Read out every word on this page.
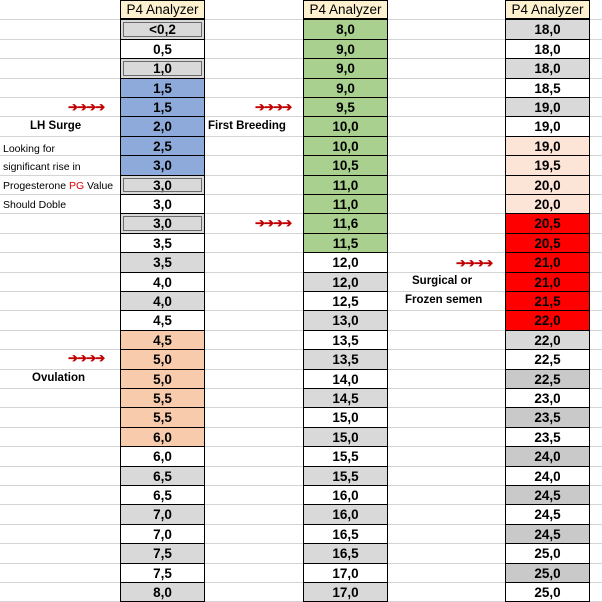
P4 Analyzer
<0,2
0,5
1,0
1,5
1,5
2,0
2,5
3,0
3,0
3,0
3,0
3,5
3,5
4,0
4,0
4,5
4,5
5,0
5,0
5,5
5,5
6,0
6,0
6,5
6,5
7,0
7,0
7,5
7,5
8,0
P4 Analyzer
8,0
9,0
9,0
9,0
9,5
10,0
10,0
10,5
11,0
11,0
11,6
11,5
12,0
12,0
12,5
13,0
13,5
13,5
14,0
14,5
15,0
15,0
15,5
15,5
16,0
16,0
16,5
16,5
17,0
17,0
P4 Analyzer
18,0
18,0
18,0
18,5
19,0
19,0
19,0
19,5
20,0
20,0
20,5
20,5
21,0
21,0
21,5
22,0
22,0
22,5
22,5
23,0
23,5
23,5
24,0
24,0
24,5
24,5
24,5
25,0
25,0
25,0
➔➔➔➔
LH Surge
Looking for
significant rise in
Progesterone PG Value
Should Doble
➔➔➔➔
Ovulation
➔➔➔➔
First Breeding
➔➔➔➔
➔➔➔➔
Surgical or
Frozen semen
